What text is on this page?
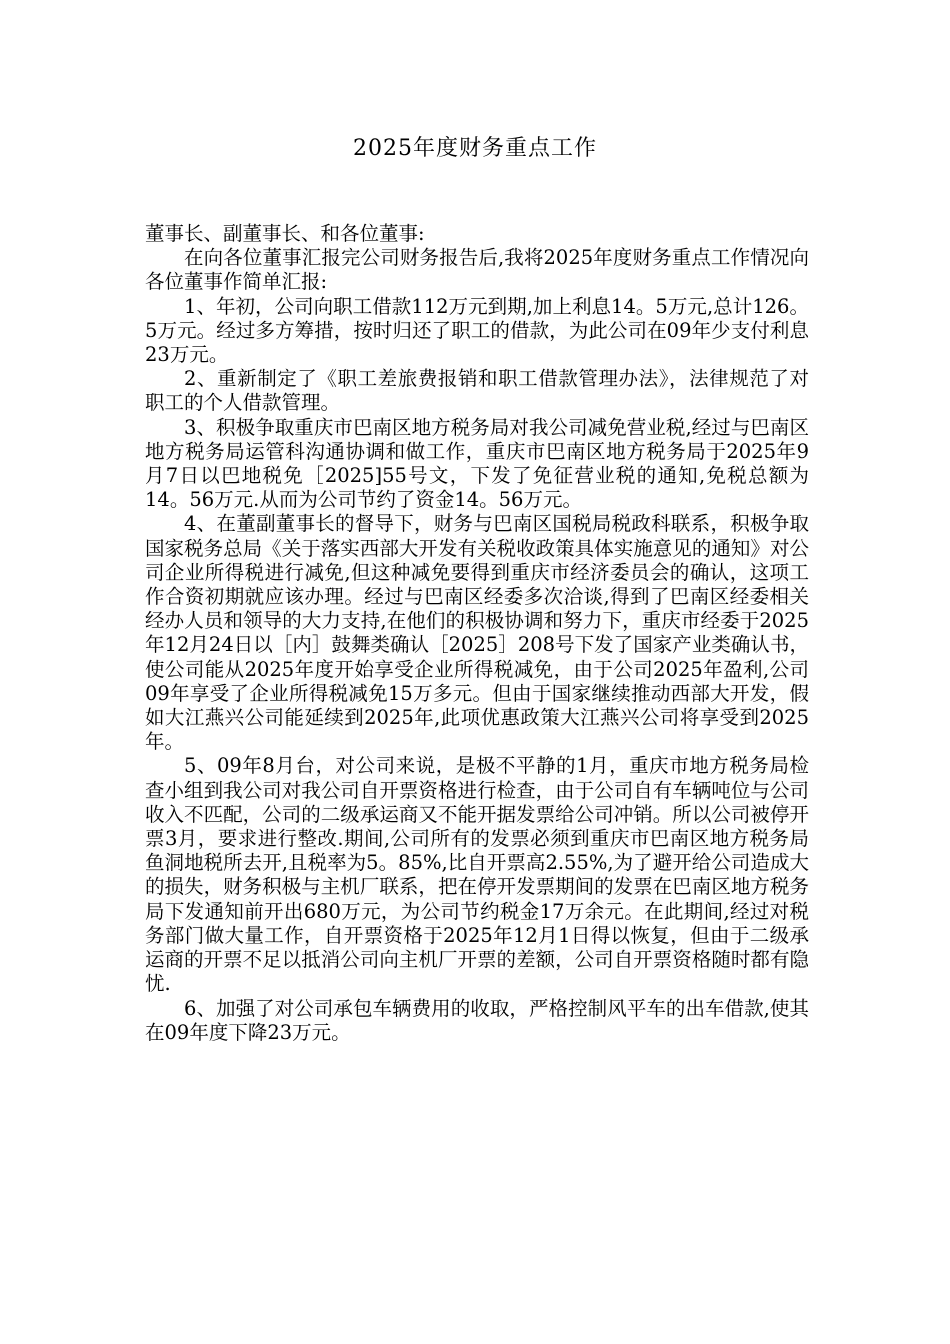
2025年度财务重点工作

董事长、副董事长、和各位董事:

在向各位董事汇报完公司财务报告后,我将2025年度财务重点工作情况向各位董事作简单汇报:

1、年初，公司向职工借款112万元到期,加上利息14。5万元,总计126。5万元。经过多方筹措，按时归还了职工的借款，为此公司在09年少支付利息23万元。

2、重新制定了《职工差旅费报销和职工借款管理办法》，法律规范了对职工的个人借款管理。

3、积极争取重庆市巴南区地方税务局对我公司减免营业税,经过与巴南区地方税务局运管科沟通协调和做工作，重庆市巴南区地方税务局于2025年9月7日以巴地税免［2025]55号文，下发了免征营业税的通知,免税总额为14。56万元.从而为公司节约了资金14。56万元。

4、在董副董事长的督导下，财务与巴南区国税局税政科联系，积极争取国家税务总局《关于落实西部大开发有关税收政策具体实施意见的通知》对公司企业所得税进行减免,但这种减免要得到重庆市经济委员会的确认，这项工作合资初期就应该办理。经过与巴南区经委多次洽谈,得到了巴南区经委相关经办人员和领导的大力支持,在他们的积极协调和努力下，重庆市经委于2025年12月24日以［内］鼓舞类确认［2025］208号下发了国家产业类确认书，使公司能从2025年度开始享受企业所得税减免，由于公司2025年盈利,公司09年享受了企业所得税减免15万多元。但由于国家继续推动西部大开发，假如大江燕兴公司能延续到2025年,此项优惠政策大江燕兴公司将享受到2025年。

5、09年8月台，对公司来说，是极不平静的1月，重庆市地方税务局检查小组到我公司对我公司自开票资格进行检查，由于公司自有车辆吨位与公司收入不匹配，公司的二级承运商又不能开据发票给公司冲销。所以公司被停开票3月，要求进行整改.期间,公司所有的发票必须到重庆市巴南区地方税务局鱼洞地税所去开,且税率为5。85%,比自开票高2.55%,为了避开给公司造成大的损失，财务积极与主机厂联系，把在停开发票期间的发票在巴南区地方税务局下发通知前开出680万元，为公司节约税金17万余元。在此期间,经过对税务部门做大量工作，自开票资格于2025年12月1日得以恢复，但由于二级承运商的开票不足以抵消公司向主机厂开票的差额，公司自开票资格随时都有隐忧.

6、加强了对公司承包车辆费用的收取，严格控制风平车的出车借款,使其在09年度下降23万元。
